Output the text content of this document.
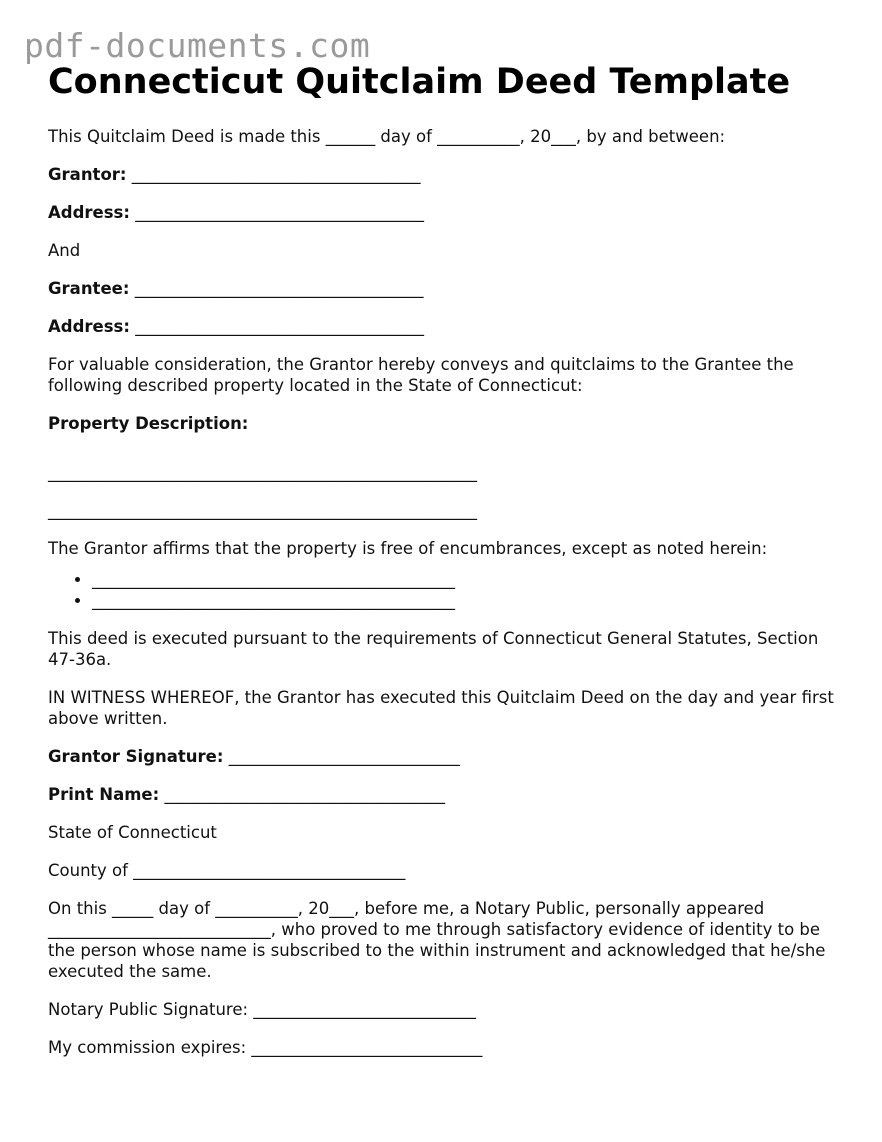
pdf-documents.com
Connecticut Quitclaim Deed Template

This Quitclaim Deed is made this ______ day of __________, 20___, by and between:

Grantor: ___________________________________

Address: ___________________________________

And

Grantee: ___________________________________

Address: ___________________________________

For valuable consideration, the Grantor hereby conveys and quitclaims to the Grantee the following described property located in the State of Connecticut:

Property Description:

____________________________________________________

____________________________________________________

The Grantor affirms that the property is free of encumbrances, except as noted herein:

• ____________________________________________
• ____________________________________________

This deed is executed pursuant to the requirements of Connecticut General Statutes, Section 47-36a.

IN WITNESS WHEREOF, the Grantor has executed this Quitclaim Deed on the day and year first above written.

Grantor Signature: ____________________________

Print Name: __________________________________

State of Connecticut

County of _________________________________

On this _____ day of __________, 20___, before me, a Notary Public, personally appeared ___________________________, who proved to me through satisfactory evidence of identity to be the person whose name is subscribed to the within instrument and acknowledged that he/she executed the same.

Notary Public Signature: ___________________________

My commission expires: ____________________________
